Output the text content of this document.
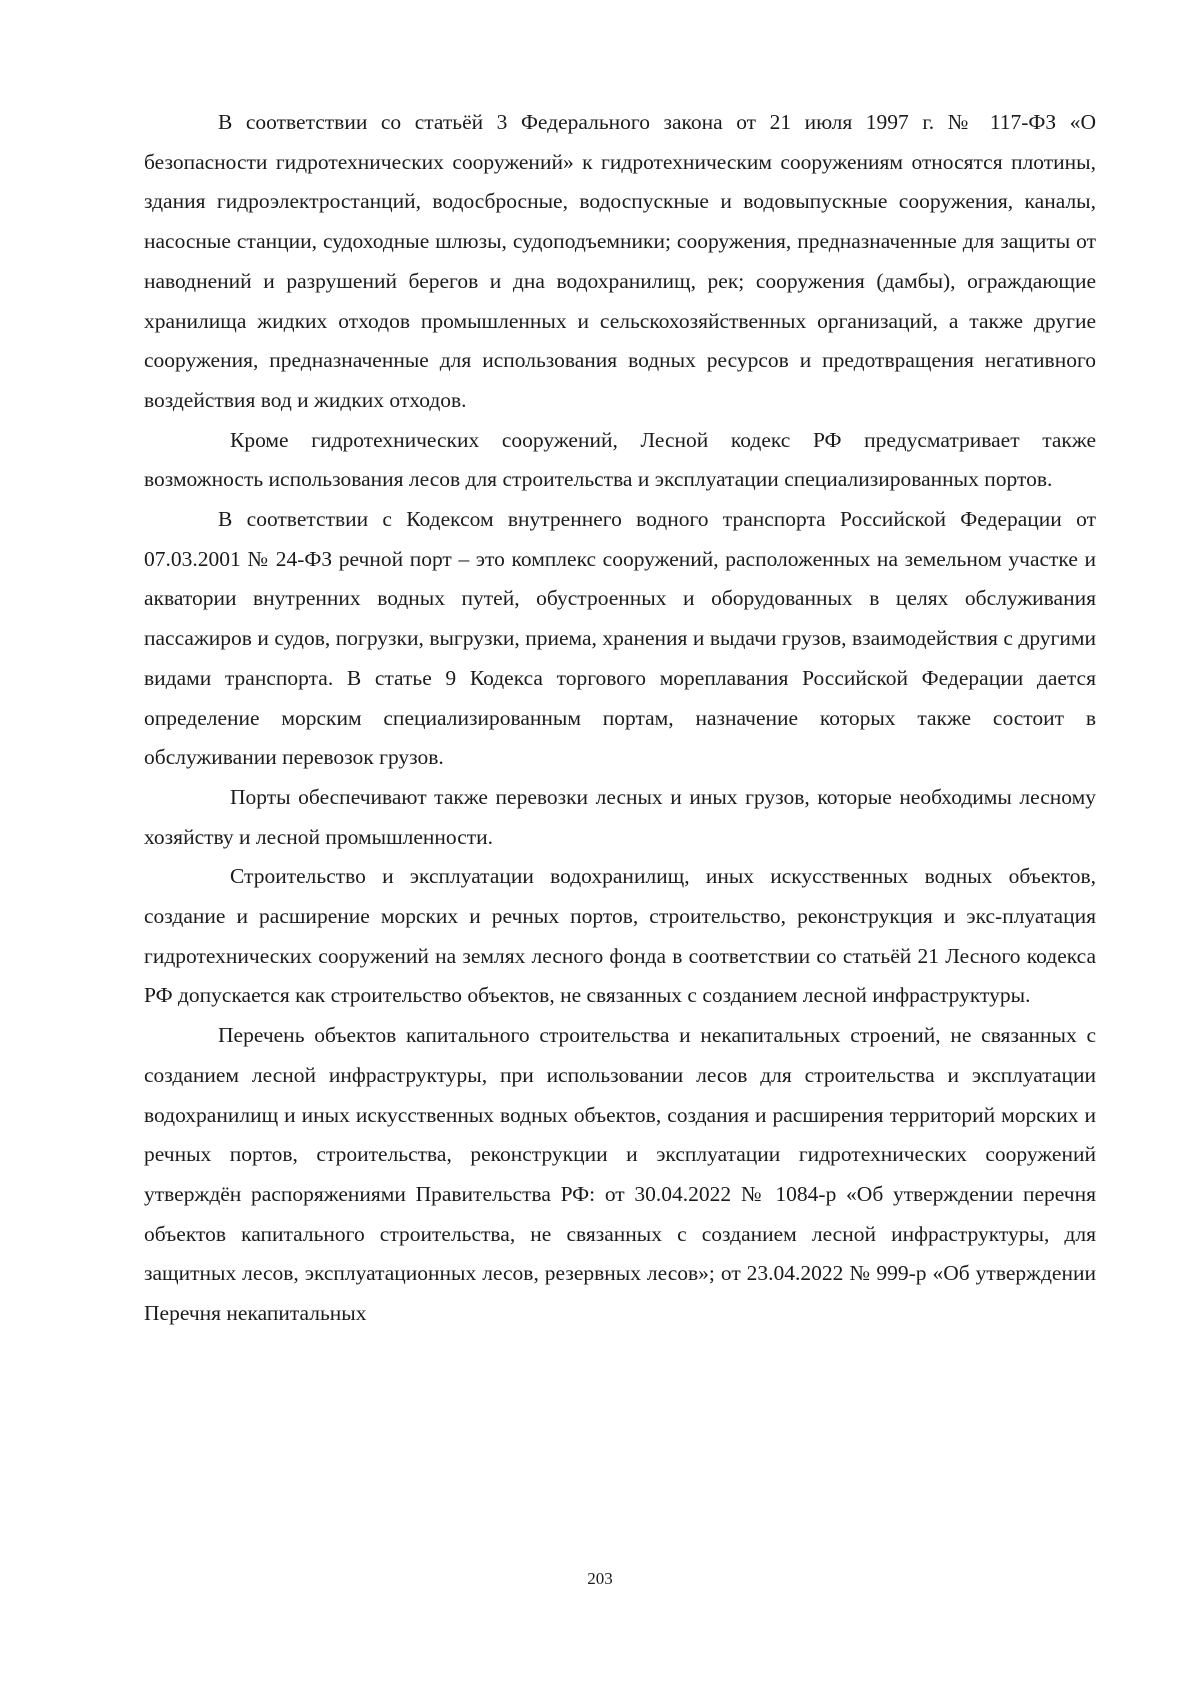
В соответствии со статьёй 3 Федерального закона от 21 июля 1997 г. № 117-ФЗ «О безопасности гидротехнических сооружений» к гидротехническим сооружениям относятся плотины, здания гидроэлектростанций, водосбросные, водоспускные и водовыпускные сооружения, каналы, насосные станции, судоходные шлюзы, судоподъемники; сооружения, предназначенные для защиты от наводнений и разрушений берегов и дна водохранилищ, рек; сооружения (дамбы), ограждающие хранилища жидких отходов промышленных и сельскохозяйственных организаций, а также другие сооружения, предназначенные для использования водных ресурсов и предотвращения негативного воздействия вод и жидких отходов.

Кроме гидротехнических сооружений, Лесной кодекс РФ предусматривает также возможность использования лесов для строительства и эксплуатации специализированных портов.

В соответствии с Кодексом внутреннего водного транспорта Российской Федерации от 07.03.2001 № 24-ФЗ речной порт – это комплекс сооружений, расположенных на земельном участке и акватории внутренних водных путей, обустроенных и оборудованных в целях обслуживания пассажиров и судов, погрузки, выгрузки, приема, хранения и выдачи грузов, взаимодействия с другими видами транспорта. В статье 9 Кодекса торгового мореплавания Российской Федерации дается определение морским специализированным портам, назначение которых также состоит в обслуживании перевозок грузов.

Порты обеспечивают также перевозки лесных и иных грузов, которые необходимы лесному хозяйству и лесной промышленности.

Строительство и эксплуатации водохранилищ, иных искусственных водных объектов, создание и расширение морских и речных портов, строительство, реконструкция и экс-плуатация гидротехнических сооружений на землях лесного фонда в соответствии со статьёй 21 Лесного кодекса РФ допускается как строительство объектов, не связанных с созданием лесной инфраструктуры.

Перечень объектов капитального строительства и некапитальных строений, не связанных с созданием лесной инфраструктуры, при использовании лесов для строительства и эксплуатации водохранилищ и иных искусственных водных объектов, создания и расширения территорий морских и речных портов, строительства, реконструкции и эксплуатации гидротехнических сооружений утверждён распоряжениями Правительства РФ: от 30.04.2022 № 1084-р «Об утверждении перечня объектов капитального строительства, не связанных с созданием лесной инфраструктуры, для защитных лесов, эксплуатационных лесов, резервных лесов»; от 23.04.2022 № 999-р «Об утверждении Перечня некапитальных

203
